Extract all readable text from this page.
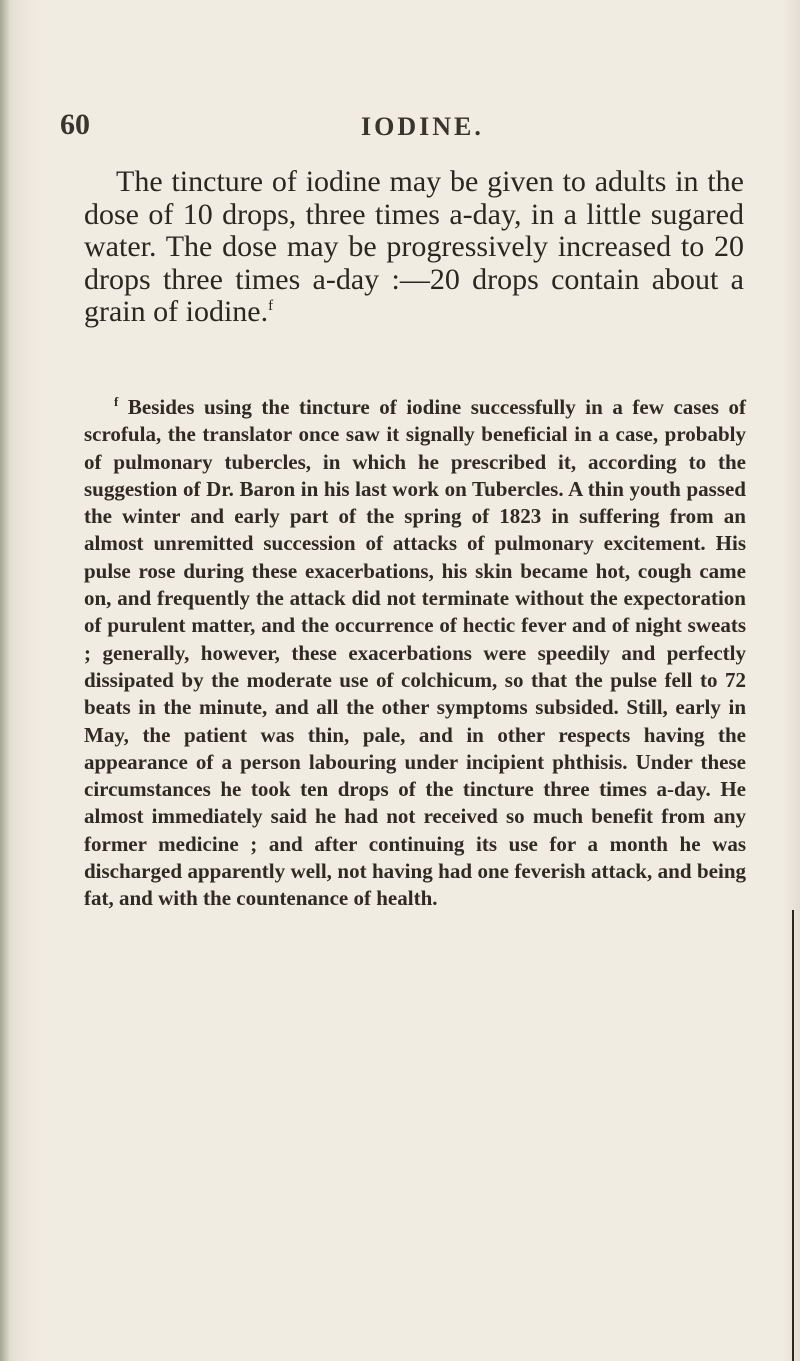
60	IODINE.

The tincture of iodine may be given to adults in the dose of 10 drops, three times a-day, in a little sugared water. The dose may be progressively increased to 20 drops three times a-day :—20 drops contain about a grain of iodine.$^f$

$^f$ Besides using the tincture of iodine successfully in a few cases of scrofula, the translator once saw it signally beneficial in a case, probably of pulmonary tubercles, in which he prescribed it, according to the suggestion of Dr. Baron in his last work on Tubercles. A thin youth passed the winter and early part of the spring of 1823 in suffering from an almost unremitted succession of attacks of pulmonary excitement. His pulse rose during these exacerbations, his skin became hot, cough came on, and frequently the attack did not terminate without the expectoration of purulent matter, and the occurrence of hectic fever and of night sweats ; generally, however, these exacerbations were speedily and perfectly dissipated by the moderate use of colchicum, so that the pulse fell to 72 beats in the minute, and all the other symptoms subsided. Still, early in May, the patient was thin, pale, and in other respects having the appearance of a person labouring under incipient phthisis. Under these circumstances he took ten drops of the tincture three times a-day. He almost immediately said he had not received so much benefit from any former medicine ; and after continuing its use for a month he was discharged apparently well, not having had one feverish attack, and being fat, and with the countenance of health.
